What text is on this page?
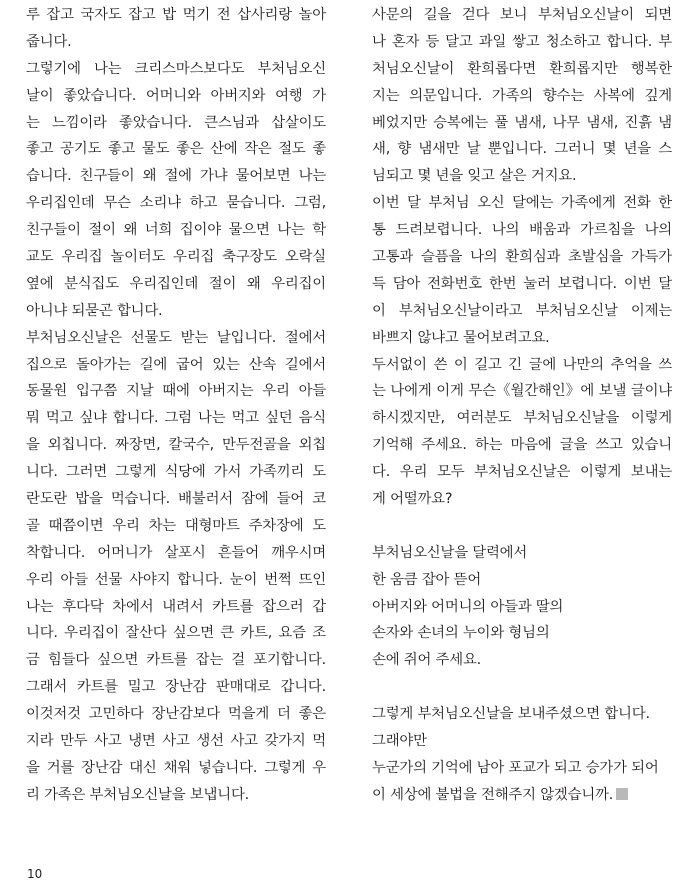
루 잡고 국자도 잡고 밥 먹기 전 삽사리랑 놀아
줍니다.
그렇기에 나는 크리스마스보다도 부처님오신
날이 좋았습니다. 어머니와 아버지와 여행 가
는 느낌이라 좋았습니다. 큰스님과 삽살이도
좋고 공기도 좋고 물도 좋은 산에 작은 절도 좋
습니다. 친구들이 왜 절에 가냐 물어보면 나는
우리집인데 무슨 소리냐 하고 묻습니다. 그럼,
친구들이 절이 왜 너희 집이야 물으면 나는 학
교도 우리집 놀이터도 우리집 축구장도 오락실
옆에 분식집도 우리집인데 절이 왜 우리집이
아니냐 되묻곤 합니다.
부처님오신날은 선물도 받는 날입니다. 절에서
집으로 돌아가는 길에 굽어 있는 산속 길에서
동물원 입구쯤 지날 때에 아버지는 우리 아들
뭐 먹고 싶냐 합니다. 그럼 나는 먹고 싶던 음식
을 외칩니다. 짜장면, 칼국수, 만두전골을 외칩
니다. 그러면 그렇게 식당에 가서 가족끼리 도
란도란 밥을 먹습니다. 배불러서 잠에 들어 코
골 때쯤이면 우리 차는 대형마트 주차장에 도
착합니다. 어머니가 살포시 흔들어 깨우시며
우리 아들 선물 사야지 합니다. 눈이 번쩍 뜨인
나는 후다닥 차에서 내려서 카트를 잡으러 갑
니다. 우리집이 잘산다 싶으면 큰 카트, 요즘 조
금 힘들다 싶으면 카트를 잡는 걸 포기합니다.
그래서 카트를 밀고 장난감 판매대로 갑니다.
이것저것 고민하다 장난감보다 먹을게 더 좋은
지라 만두 사고 냉면 사고 생선 사고 갖가지 먹
을 거를 장난감 대신 채워 넣습니다. 그렇게 우
리 가족은 부처님오신날을 보냅니다.
사문의 길을 걷다 보니 부처님오신날이 되면
나 혼자 등 달고 과일 쌓고 청소하고 합니다. 부
처님오신날이 환희롭다면 환희롭지만 행복한
지는 의문입니다. 가족의 향수는 사복에 깊게
베었지만 승복에는 풀 냄새, 나무 냄새, 진흙 냄
새, 향 냄새만 날 뿐입니다. 그러니 몇 년을 스
님되고 몇 년을 잊고 살은 거지요.
이번 달 부처님 오신 달에는 가족에게 전화 한
통 드려보렵니다. 나의 배움과 가르침을 나의
고통과 슬픔을 나의 환희심과 초발심을 가득가
득 담아 전화번호 한번 눌러 보렵니다. 이번 달
이 부처님오신날이라고 부처님오신날 이제는
바쁘지 않냐고 물어보려고요.
두서없이 쓴 이 길고 긴 글에 나만의 추억을 쓰
는 나에게 이게 무슨《월간해인》에 보낼 글이냐
하시겠지만, 여러분도 부처님오신날을 이렇게
기억해 주세요. 하는 마음에 글을 쓰고 있습니
다. 우리 모두 부처님오신날은 이렇게 보내는
게 어떨까요?
부처님오신날을 달력에서
한 움큼 잡아 뜯어
아버지와 어머니의 아들과 딸의
손자와 손녀의 누이와 형님의
손에 쥐어 주세요.
그렇게 부처님오신날을 보내주셨으면 합니다.
그래야만
누군가의 기억에 남아 포교가 되고 승가가 되어
이 세상에 불법을 전해주지 않겠습니까.
10
